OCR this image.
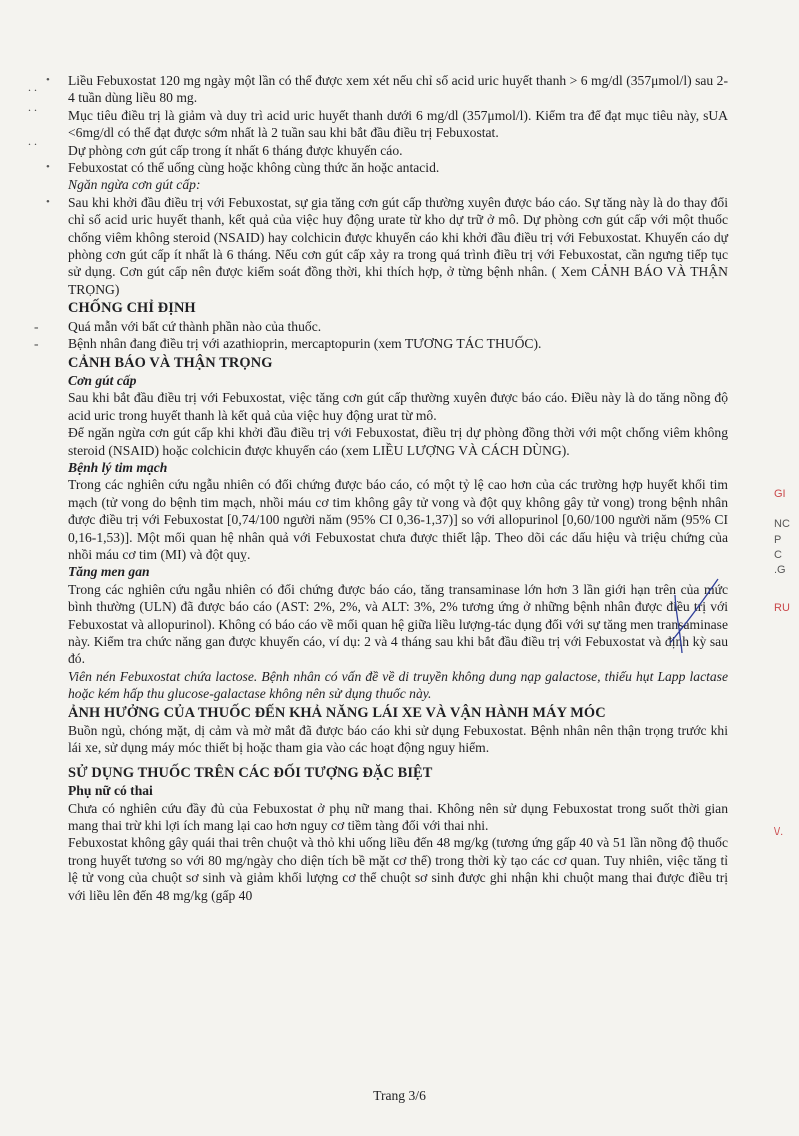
. .
. .
. .

• Liều Febuxostat 120 mg ngày một lần có thể được xem xét nếu chỉ số acid uric huyết thanh > 6 mg/dl (357μmol/l) sau 2-4 tuần dùng liều 80 mg.

Mục tiêu điều trị là giảm và duy trì acid uric huyết thanh dưới 6 mg/dl (357μmol/l). Kiểm tra để đạt mục tiêu này, sUA <6mg/dl có thể đạt được sớm nhất là 2 tuần sau khi bắt đầu điều trị Febuxostat.

Dự phòng cơn gút cấp trong ít nhất 6 tháng được khuyến cáo.

• Febuxostat có thể uống cùng hoặc không cùng thức ăn hoặc antacid.

Ngăn ngừa cơn gút cấp:

• Sau khi khởi đầu điều trị với Febuxostat, sự gia tăng cơn gút cấp thường xuyên được báo cáo. Sự tăng này là do thay đổi chỉ số acid uric huyết thanh, kết quả của việc huy động urate từ kho dự trữ ở mô. Dự phòng cơn gút cấp với một thuốc chống viêm không steroid (NSAID) hay colchicin được khuyến cáo khi khởi đầu điều trị với Febuxostat. Khuyến cáo dự phòng cơn gút cấp ít nhất là 6 tháng. Nếu cơn gút cấp xảy ra trong quá trình điều trị với Febuxostat, cần ngưng tiếp tục sử dụng. Cơn gút cấp nên được kiểm soát đồng thời, khi thích hợp, ở từng bệnh nhân. ( Xem CẢNH BÁO VÀ THẬN TRỌNG)

CHỐNG CHỈ ĐỊNH

- Quá mẫn với bất cứ thành phần nào của thuốc.

- Bệnh nhân đang điều trị với azathioprin, mercaptopurin (xem TƯƠNG TÁC THUỐC).

CẢNH BÁO VÀ THẬN TRỌNG

Cơn gút cấp

Sau khi bắt đầu điều trị với Febuxostat, việc tăng cơn gút cấp thường xuyên được báo cáo. Điều này là do tăng nồng độ acid uric trong huyết thanh là kết quả của việc huy động urat từ mô.

Để ngăn ngừa cơn gút cấp khi khởi đầu điều trị với Febuxostat, điều trị dự phòng đồng thời với một chống viêm không steroid (NSAID) hoặc colchicin được khuyến cáo (xem LIỀU LƯỢNG VÀ CÁCH DÙNG).

Bệnh lý tim mạch

Trong các nghiên cứu ngẫu nhiên có đối chứng được báo cáo, có một tỷ lệ cao hơn của các trường hợp huyết khối tim mạch (tử vong do bệnh tim mạch, nhồi máu cơ tim không gây tử vong và đột quỵ không gây tử vong) trong bệnh nhân được điều trị với Febuxostat [0,74/100 người năm (95% CI 0,36-1,37)] so với allopurinol [0,60/100 người năm (95% CI 0,16-1,53)]. Một mối quan hệ nhân quả với Febuxostat chưa được thiết lập. Theo dõi các dấu hiệu và triệu chứng của nhồi máu cơ tim (MI) và đột quỵ.

Tăng men gan

Trong các nghiên cứu ngẫu nhiên có đối chứng được báo cáo, tăng transaminase lớn hơn 3 lần giới hạn trên của mức bình thường (ULN) đã được báo cáo (AST: 2%, 2%, và ALT: 3%, 2% tương ứng ở những bệnh nhân được điều trị với Febuxostat và allopurinol). Không có báo cáo về mối quan hệ giữa liều lượng-tác dụng đối với sự tăng men transaminase này. Kiểm tra chức năng gan được khuyến cáo, ví dụ: 2 và 4 tháng sau khi bắt đầu điều trị với Febuxostat và định kỳ sau đó.

Viên nén Febuxostat chứa lactose. Bệnh nhân có vấn đề về di truyền không dung nạp galactose, thiếu hụt Lapp lactase hoặc kém hấp thu glucose-galactase không nên sử dụng thuốc này.

ẢNH HƯỞNG CỦA THUỐC ĐẾN KHẢ NĂNG LÁI XE VÀ VẬN HÀNH MÁY MÓC

Buồn ngủ, chóng mặt, dị cảm và mờ mắt đã được báo cáo khi sử dụng Febuxostat. Bệnh nhân nên thận trọng trước khi lái xe, sử dụng máy móc thiết bị hoặc tham gia vào các hoạt động nguy hiểm.

SỬ DỤNG THUỐC TRÊN CÁC ĐỐI TƯỢNG ĐẶC BIỆT

Phụ nữ có thai

Chưa có nghiên cứu đầy đủ của Febuxostat ở phụ nữ mang thai. Không nên sử dụng Febuxostat trong suốt thời gian mang thai trừ khi lợi ích mang lại cao hơn nguy cơ tiềm tàng đối với thai nhi.

Febuxostat không gây quái thai trên chuột và thỏ khi uống liều đến 48 mg/kg (tương ứng gấp 40 và 51 lần nồng độ thuốc trong huyết tương so với 80 mg/ngày cho diện tích bề mặt cơ thể) trong thời kỳ tạo các cơ quan. Tuy nhiên, việc tăng tỉ lệ tử vong của chuột sơ sinh và giảm khối lượng cơ thể chuột sơ sinh được ghi nhận khi chuột mang thai được điều trị với liều lên đến 48 mg/kg (gấp 40

GI
NC
P
C
.G
RU
\/.
Trang 3/6
